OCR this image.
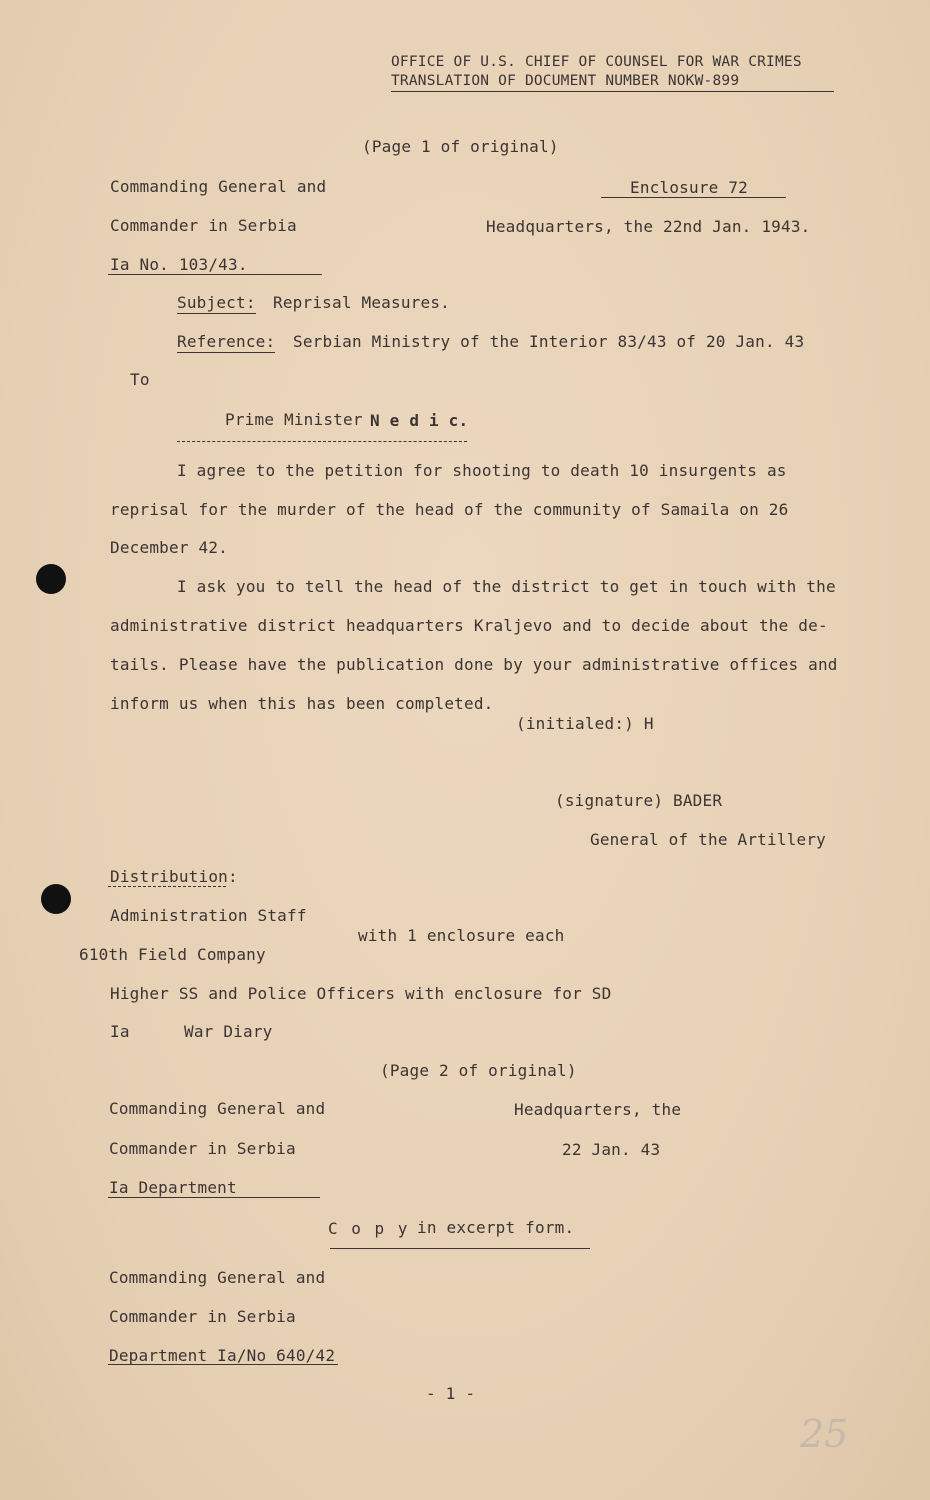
OFFICE OF U.S. CHIEF OF COUNSEL FOR WAR CRIMES
TRANSLATION OF DOCUMENT NUMBER NOKW-899
(Page 1 of original)
Commanding General and
Commander in Serbia
Ia No. 103/43.
Enclosure 72
Headquarters, the 22nd Jan. 1943.
Subject: Reprisal Measures.
Reference: Serbian Ministry of the Interior 83/43 of 20 Jan. 43
To
Prime Minister N e d i c.
I agree to the petition for shooting to death 10 insurgents as
reprisal for the murder of the head of the community of Samaila on 26
December 42.
I ask you to tell the head of the district to get in touch with the
administrative district headquarters Kraljevo and to decide about the de-
tails. Please have the publication done by your administrative offices and
inform us when this has been completed.
(initialed:) H
(signature) BADER
General of the Artillery
Distribution:
Administration Staff
with 1 enclosure each
610th Field Company
Higher SS and Police Officers with enclosure for SD
Ia	War Diary
(Page 2 of original)
Commanding General and
Commander in Serbia
Ia Department
Headquarters, the
22 Jan. 43
C o p y in excerpt form.
Commanding General and
Commander in Serbia
Department Ia/No 640/42
- 1 -
25
